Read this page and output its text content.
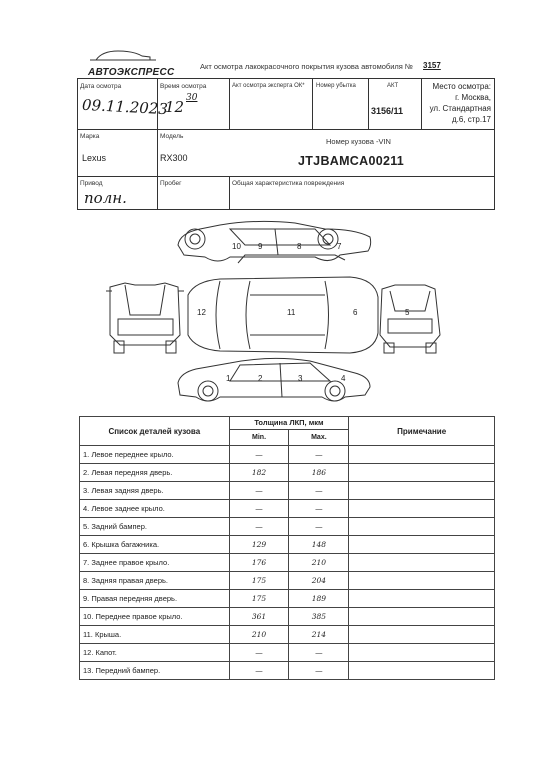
АВТОЭКСПРЕСС
Акт осмотра лакокрасочного покрытия кузова автомобиля № 3157
Дата осмотра
09.11.2023
Время осмотра
12 30
Акт осмотра эксперта ОК* Номер убытка	АКТ
3156/11
Место осмотра:
г. Москва,
ул. Стандартная
д.6, стр.17
Марка
Lexus
Модель
RX300
Номер кузова -VIN
JTJBAMCA00211
Привод
полн.
Пробег	Общая характеристика повреждения
10 9	8	7
12	11	6	5
1	2	3	4
Список деталей кузова	Толщина ЛКП, мкм		Примечание
	Min.	Max.	
1. Левое переднее крыло.	—	—	
2. Левая передняя дверь.	182	186	
3. Левая задняя дверь.	—	—	
4. Левое заднее крыло.	—	—	
5. Задний бампер.	—	—	
6. Крышка багажника.	129	148	
7. Заднее правое крыло.	176	210	
8. Задняя правая дверь.	175	204	
9. Правая передняя дверь.	175	189	
10. Переднее правое крыло.	361	385	
11. Крыша.	210	214	
12. Капот.	—	—	
13. Передний бампер.	—	—	
